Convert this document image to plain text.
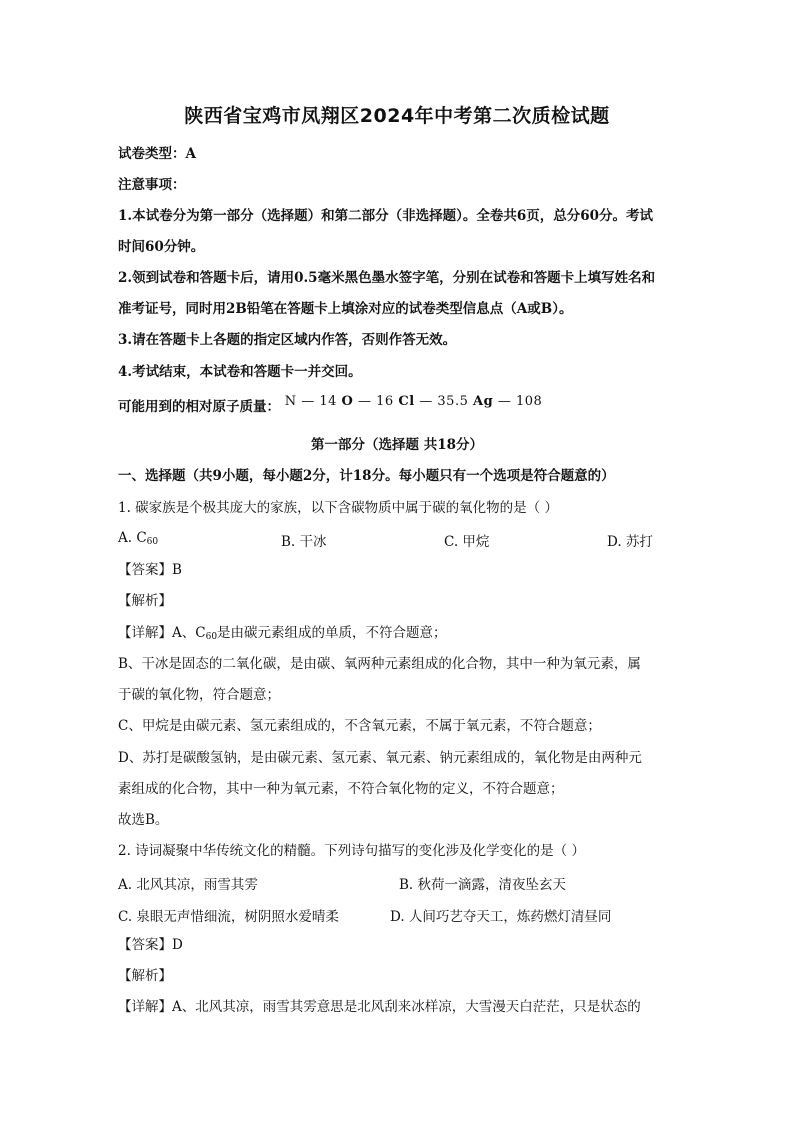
陕西省宝鸡市凤翔区2024年中考第二次质检试题
试卷类型：A
注意事项：
1.本试卷分为第一部分（选择题）和第二部分（非选择题）。全卷共6页，总分60分。考试
时间60分钟。
2.领到试卷和答题卡后，请用0.5毫米黑色墨水签字笔，分别在试卷和答题卡上填写姓名和
准考证号，同时用2B铅笔在答题卡上填涂对应的试卷类型信息点（A或B）。
3.请在答题卡上各题的指定区域内作答，否则作答无效。
4.考试结束，本试卷和答题卡一并交回。
可能用到的相对原子质量： N — 14 O — 16 Cl — 35.5 Ag — 108
第一部分（选择题 共18分）
一、选择题（共9小题，每小题2分，计18分。每小题只有一个选项是符合题意的）
1. 碳家族是个极其庞大的家族，以下含碳物质中属于碳的氧化物的是（ ）
A. $C_{60}$	B. 干冰	C. 甲烷	D. 苏打
【答案】B
【解析】
【详解】A、$C_{60}$是由碳元素组成的单质，不符合题意；
B、干冰是固态的二氧化碳，是由碳、氧两种元素组成的化合物，其中一种为氧元素，属
于碳的氧化物，符合题意；
C、甲烷是由碳元素、氢元素组成的，不含氧元素，不属于氧元素，不符合题意；
D、苏打是碳酸氢钠，是由碳元素、氢元素、氧元素、钠元素组成的，氧化物是由两种元
素组成的化合物，其中一种为氧元素，不符合氧化物的定义，不符合题意；
故选B。
2. 诗词凝聚中华传统文化的精髓。下列诗句描写的变化涉及化学变化的是（ ）
A. 北风其凉，雨雪其雱	B. 秋荷一滴露，清夜坠玄天
C. 泉眼无声惜细流，树阴照水爱晴柔	D. 人间巧艺夺天工，炼药燃灯清昼同
【答案】D
【解析】
【详解】A、北风其凉，雨雪其雱意思是北风刮来冰样凉，大雪漫天白茫茫，只是状态的
